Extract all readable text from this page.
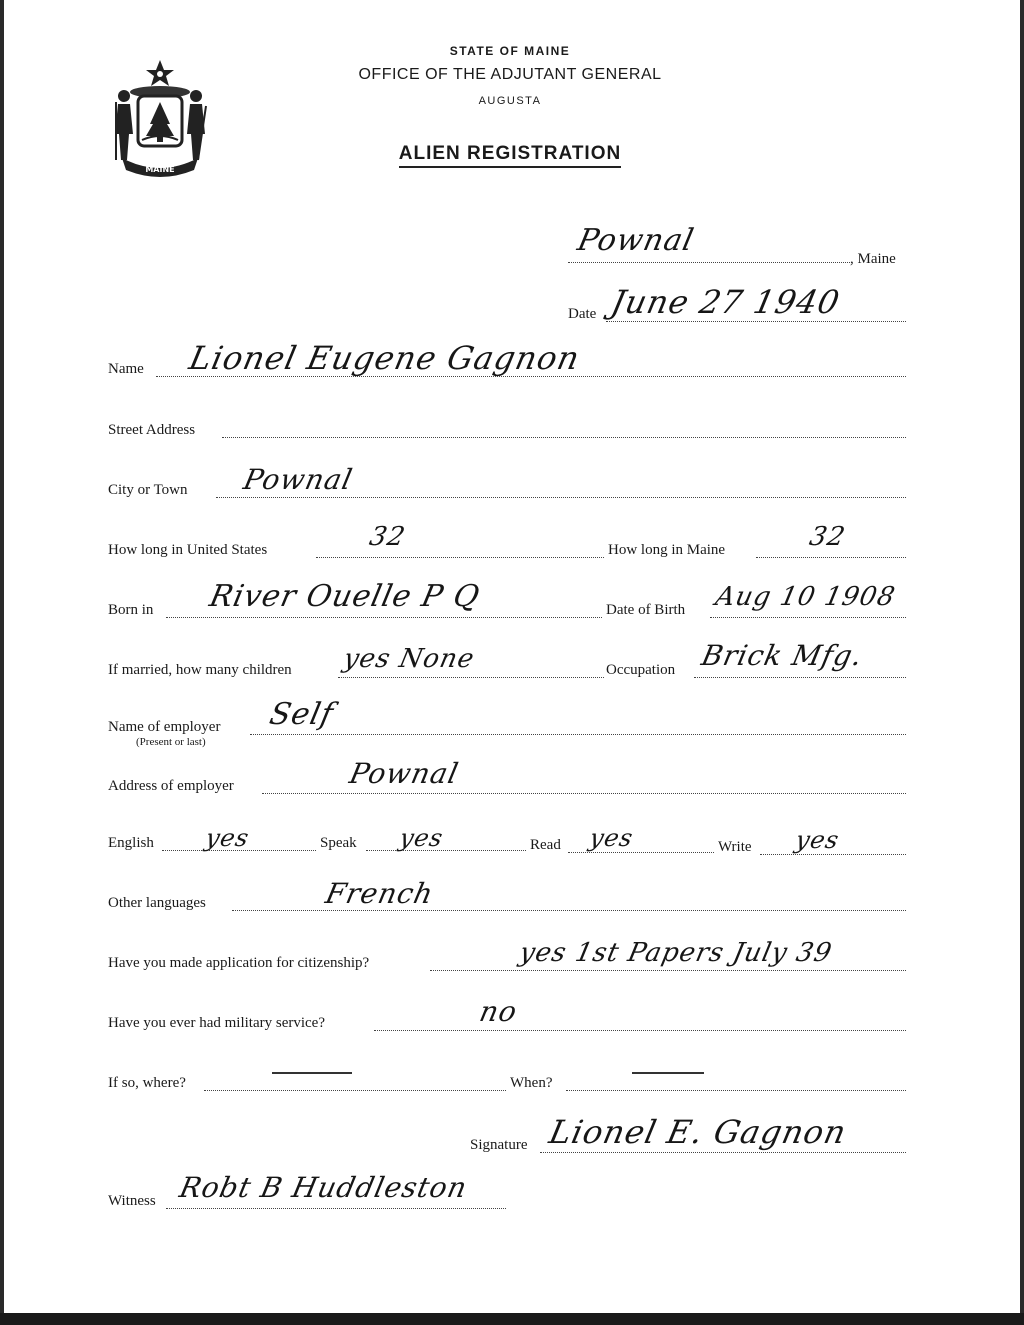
MAINE
STATE OF MAINE
OFFICE OF THE ADJUTANT GENERAL
AUGUSTA
ALIEN REGISTRATION
Pownal
, Maine
Date June 27 1940
Name Lionel Eugene Gagnon
Street Address
City or Town Pownal
How long in United States	32	How long in Maine	32
Born in River Ouelle P Q	Date of Birth Aug 10 1908
If married, how many children yes None	Occupation Brick Mfg.
Name of employer
(Present or last)
Self
Address of employer	Pownal
English yes	Speak yes	Read yes	Write yes
Other languages	French
Have you made application for citizenship?	yes 1st Papers July 39
Have you ever had military service?	no
If so, where?	When?
Signature Lionel E. Gagnon
Witness Robt B Huddleston
